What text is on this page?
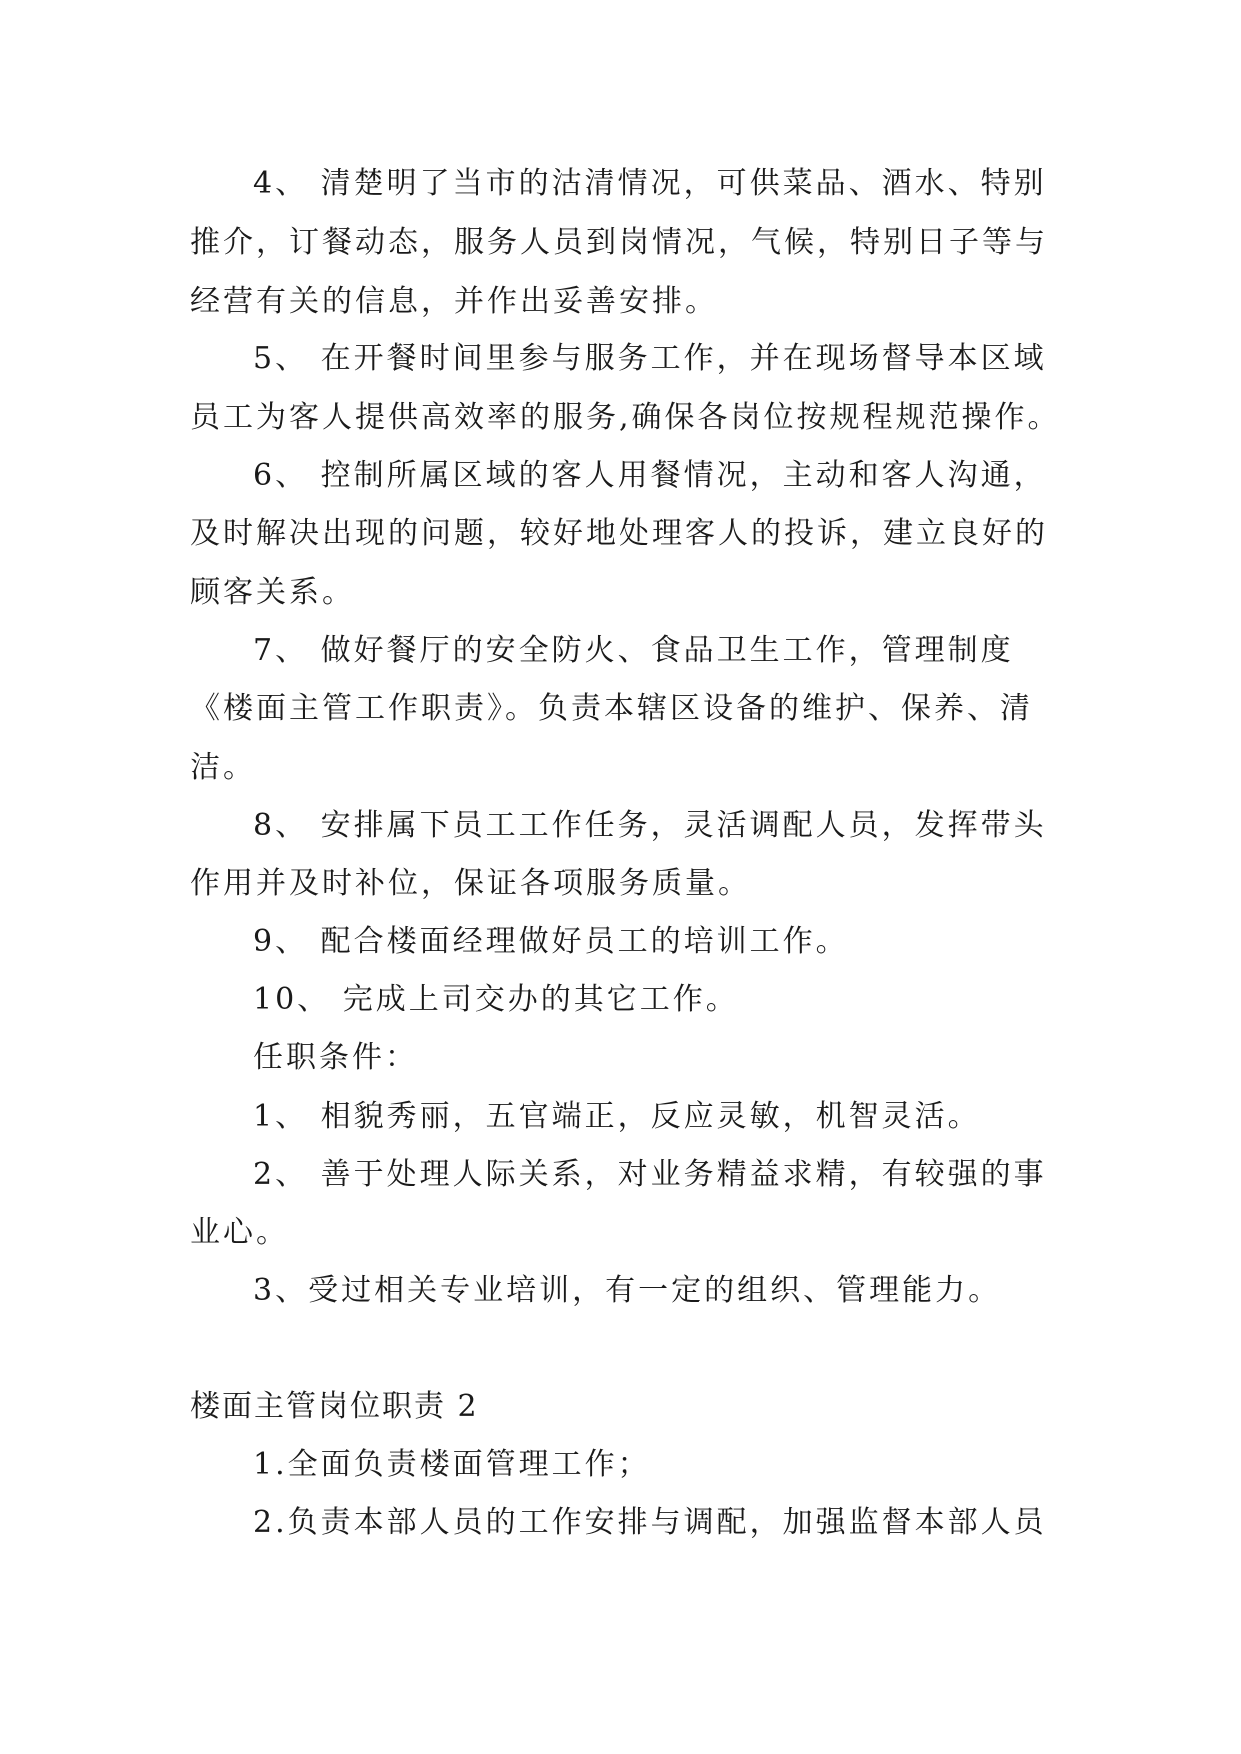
4、 清楚明了当市的沽清情况，可供菜品、酒水、特别
推介，订餐动态，服务人员到岗情况，气候，特别日子等与
经营有关的信息，并作出妥善安排。
5、 在开餐时间里参与服务工作，并在现场督导本区域
员工为客人提供高效率的服务,确保各岗位按规程规范操作。
6、 控制所属区域的客人用餐情况，主动和客人沟通，
及时解决出现的问题，较好地处理客人的投诉，建立良好的
顾客关系。
7、 做好餐厅的安全防火、食品卫生工作，管理制度
《楼面主管工作职责》。负责本辖区设备的维护、保养、清
洁。
8、 安排属下员工工作任务，灵活调配人员，发挥带头
作用并及时补位，保证各项服务质量。
9、 配合楼面经理做好员工的培训工作。
10、 完成上司交办的其它工作。
任职条件：
1、 相貌秀丽，五官端正，反应灵敏，机智灵活。
2、 善于处理人际关系，对业务精益求精，有较强的事
业心。
3、受过相关专业培训，有一定的组织、管理能力。
楼面主管岗位职责 2
1.全面负责楼面管理工作；
2.负责本部人员的工作安排与调配，加强监督本部人员
